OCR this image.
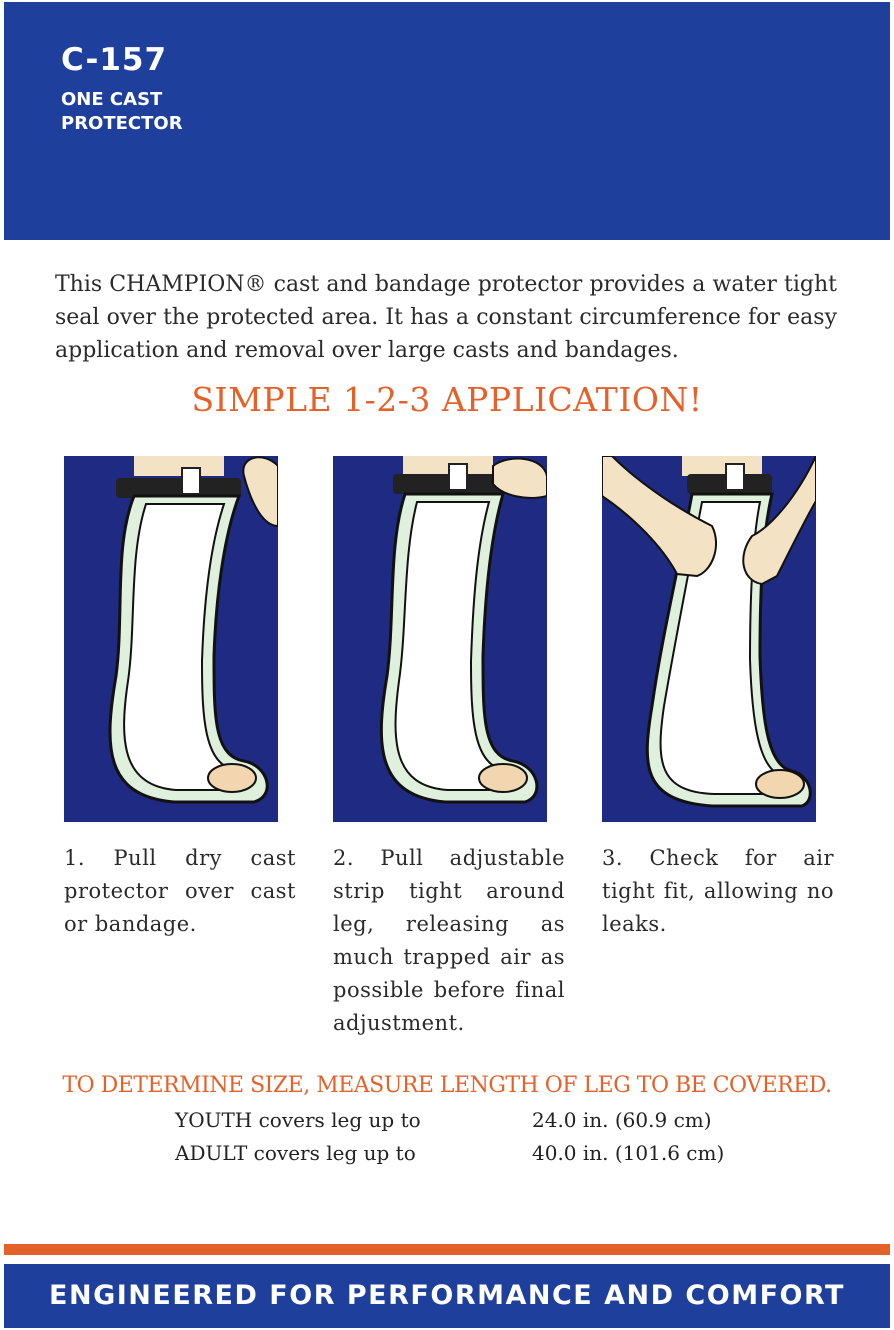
C-157
ONE CAST PROTECTOR
This CHAMPION® cast and bandage protector provides a water tight seal over the protected area. It has a constant circumference for easy application and removal over large casts and bandages.
SIMPLE 1-2-3 APPLICATION!
1. Pull dry cast protector over cast or bandage.
2. Pull adjustable strip tight around leg, releasing as much trapped air as possible before final adjustment.
3. Check for air tight fit, allowing no leaks.
TO DETERMINE SIZE, MEASURE LENGTH OF LEG TO BE COVERED.
YOUTH covers leg up to	24.0 in. (60.9 cm)
ADULT covers leg up to	40.0 in. (101.6 cm)
ENGINEERED FOR PERFORMANCE AND COMFORT
